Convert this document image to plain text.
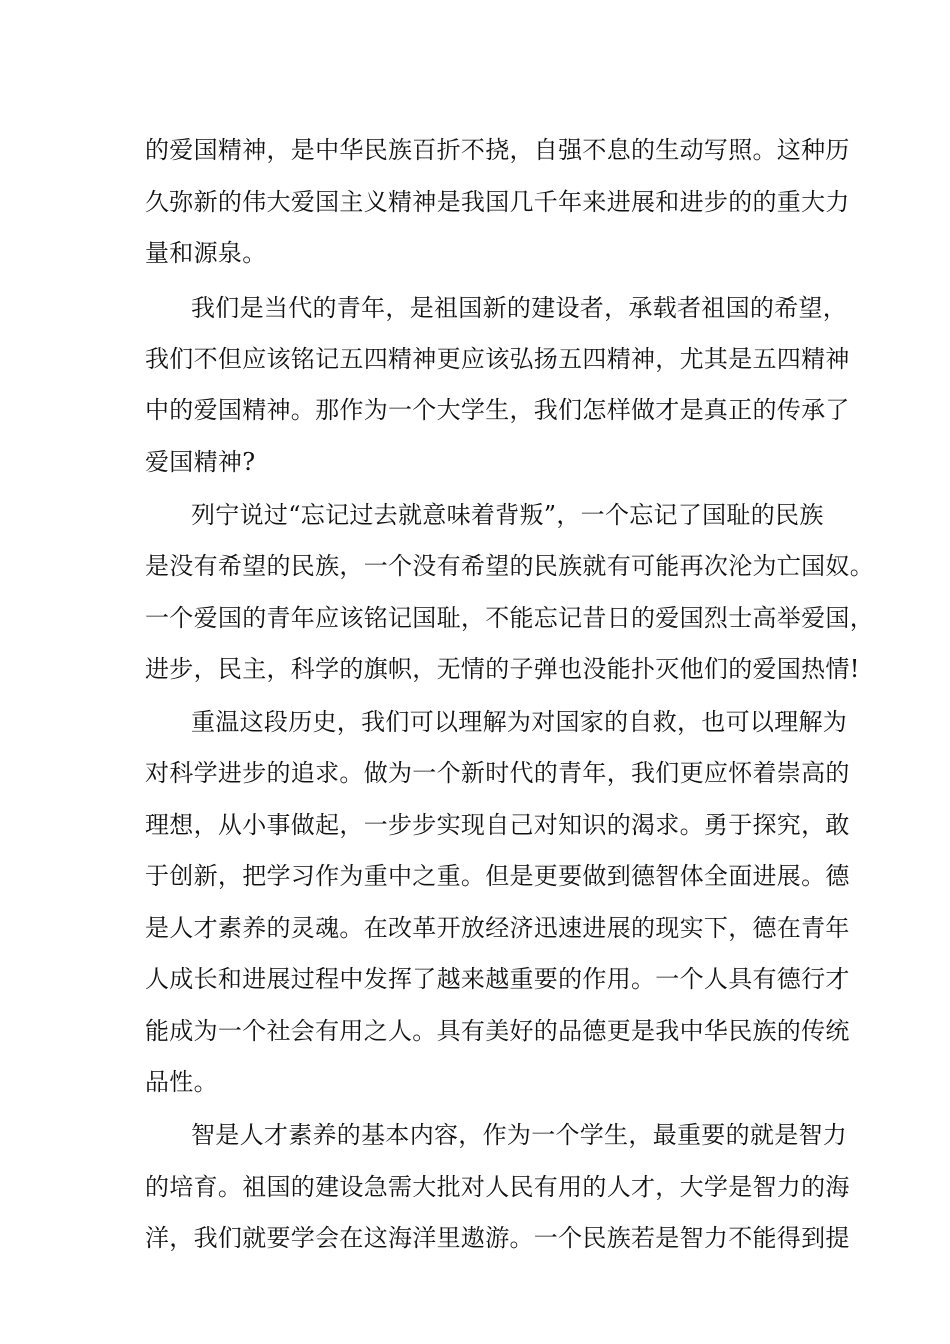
的爱国精神，是中华民族百折不挠，自强不息的生动写照。这种历
久弥新的伟大爱国主义精神是我国几千年来进展和进步的的重大力
量和源泉。
我们是当代的青年，是祖国新的建设者，承载者祖国的希望，
我们不但应该铭记五四精神更应该弘扬五四精神，尤其是五四精神
中的爱国精神。那作为一个大学生，我们怎样做才是真正的传承了
爱国精神?
列宁说过“忘记过去就意味着背叛”，一个忘记了国耻的民族
是没有希望的民族，一个没有希望的民族就有可能再次沦为亡国奴。
一个爱国的青年应该铭记国耻，不能忘记昔日的爱国烈士高举爱国，
进步，民主，科学的旗帜，无情的子弹也没能扑灭他们的爱国热情!
重温这段历史，我们可以理解为对国家的自救，也可以理解为
对科学进步的追求。做为一个新时代的青年，我们更应怀着崇高的
理想，从小事做起，一步步实现自己对知识的渴求。勇于探究，敢
于创新，把学习作为重中之重。但是更要做到德智体全面进展。德
是人才素养的灵魂。在改革开放经济迅速进展的现实下，德在青年
人成长和进展过程中发挥了越来越重要的作用。一个人具有德行才
能成为一个社会有用之人。具有美好的品德更是我中华民族的传统
品性。
智是人才素养的基本内容，作为一个学生，最重要的就是智力
的培育。祖国的建设急需大批对人民有用的人才，大学是智力的海
洋，我们就要学会在这海洋里遨游。一个民族若是智力不能得到提
